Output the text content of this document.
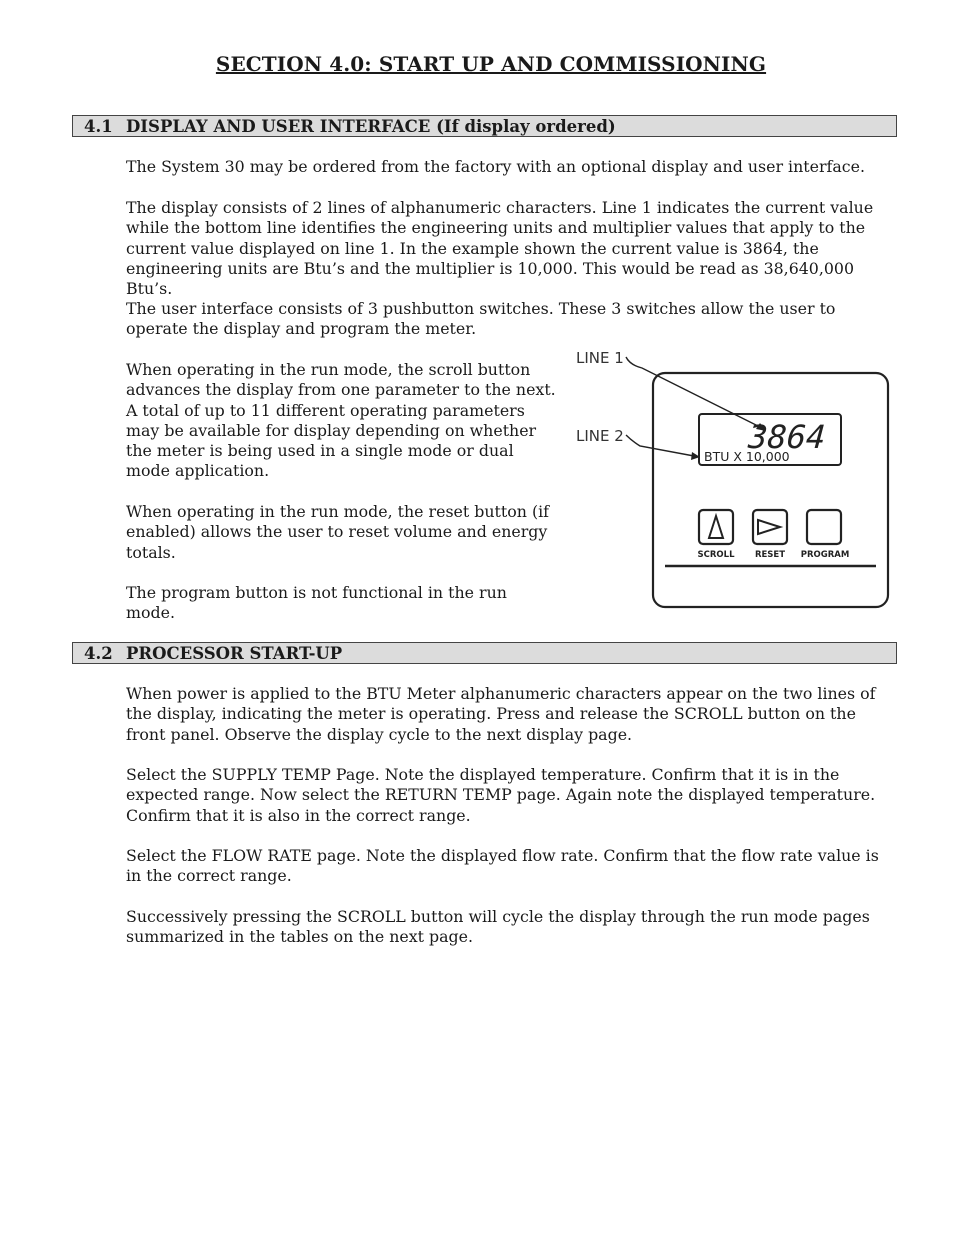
SECTION 4.0: START UP AND COMMISSIONING
4.1 DISPLAY AND USER INTERFACE (If display ordered)

The System 30 may be ordered from the factory with an optional display and user interface.

The display consists of 2 lines of alphanumeric characters. Line 1 indicates the current value while the bottom line identifies the engineering units and multiplier values that apply to the current value displayed on line 1. In the example shown the current value is 3864, the engineering units are Btu’s and the multiplier is 10,000. This would be read as 38,640,000 Btu’s.

The user interface consists of 3 pushbutton switches. These 3 switches allow the user to operate the display and program the meter.

When operating in the run mode, the scroll button advances the display from one parameter to the next. A total of up to 11 different operating parameters may be available for display depending on whether the meter is being used in a single mode or dual mode application.

When operating in the run mode, the reset button (if enabled) allows the user to reset volume and energy totals.

The program button is not functional in the run mode.

LINE 1
LINE 2	3864
BTU X 10,000
SCROLL RESET PROGRAM
4.2 PROCESSOR START-UP

When power is applied to the BTU Meter alphanumeric characters appear on the two lines of the display, indicating the meter is operating. Press and release the SCROLL button on the front panel. Observe the display cycle to the next display page.

Select the SUPPLY TEMP Page. Note the displayed temperature. Confirm that it is in the expected range. Now select the RETURN TEMP page. Again note the displayed temperature. Confirm that it is also in the correct range.

Select the FLOW RATE page. Note the displayed flow rate. Confirm that the flow rate value is in the correct range.

Successively pressing the SCROLL button will cycle the display through the run mode pages summarized in the tables on the next page.
